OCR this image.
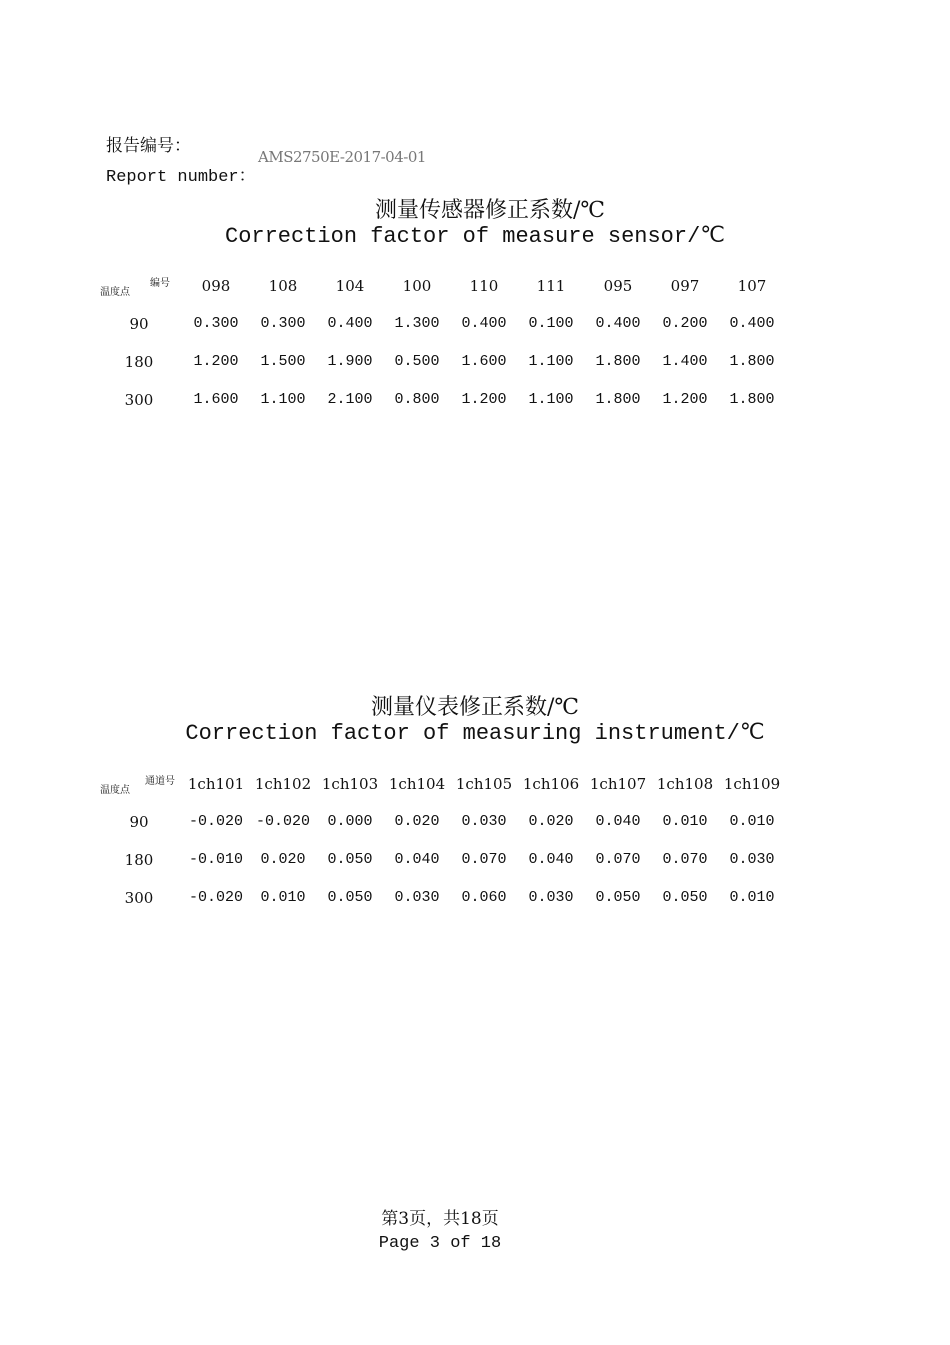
报告编号：
Report number：
AMS2750E-2017-04-01
测量传感器修正系数/℃
Correction factor of measure sensor/℃
编号
温度点	098	108	104	100	110	111	095	097	107
90	0.300	0.300	0.400	1.300	0.400	0.100	0.400	0.200	0.400
180	1.200	1.500	1.900	0.500	1.600	1.100	1.800	1.400	1.800
300	1.600	1.100	2.100	0.800	1.200	1.100	1.800	1.200	1.800
测量仪表修正系数/℃
Correction factor of measuring instrument/℃
通道号
温度点	1ch101 1ch102 1ch103 1ch104 1ch105 1ch106 1ch107 1ch108 1ch109
90	-0.020 -0.020	0.000	0.020	0.030	0.020	0.040	0.010	0.010
180	-0.010	0.020	0.050	0.040	0.070	0.040	0.070	0.070	0.030
300	-0.020	0.010	0.050	0.030	0.060	0.030	0.050	0.050	0.010
第3页，共18页
Page 3 of 18
